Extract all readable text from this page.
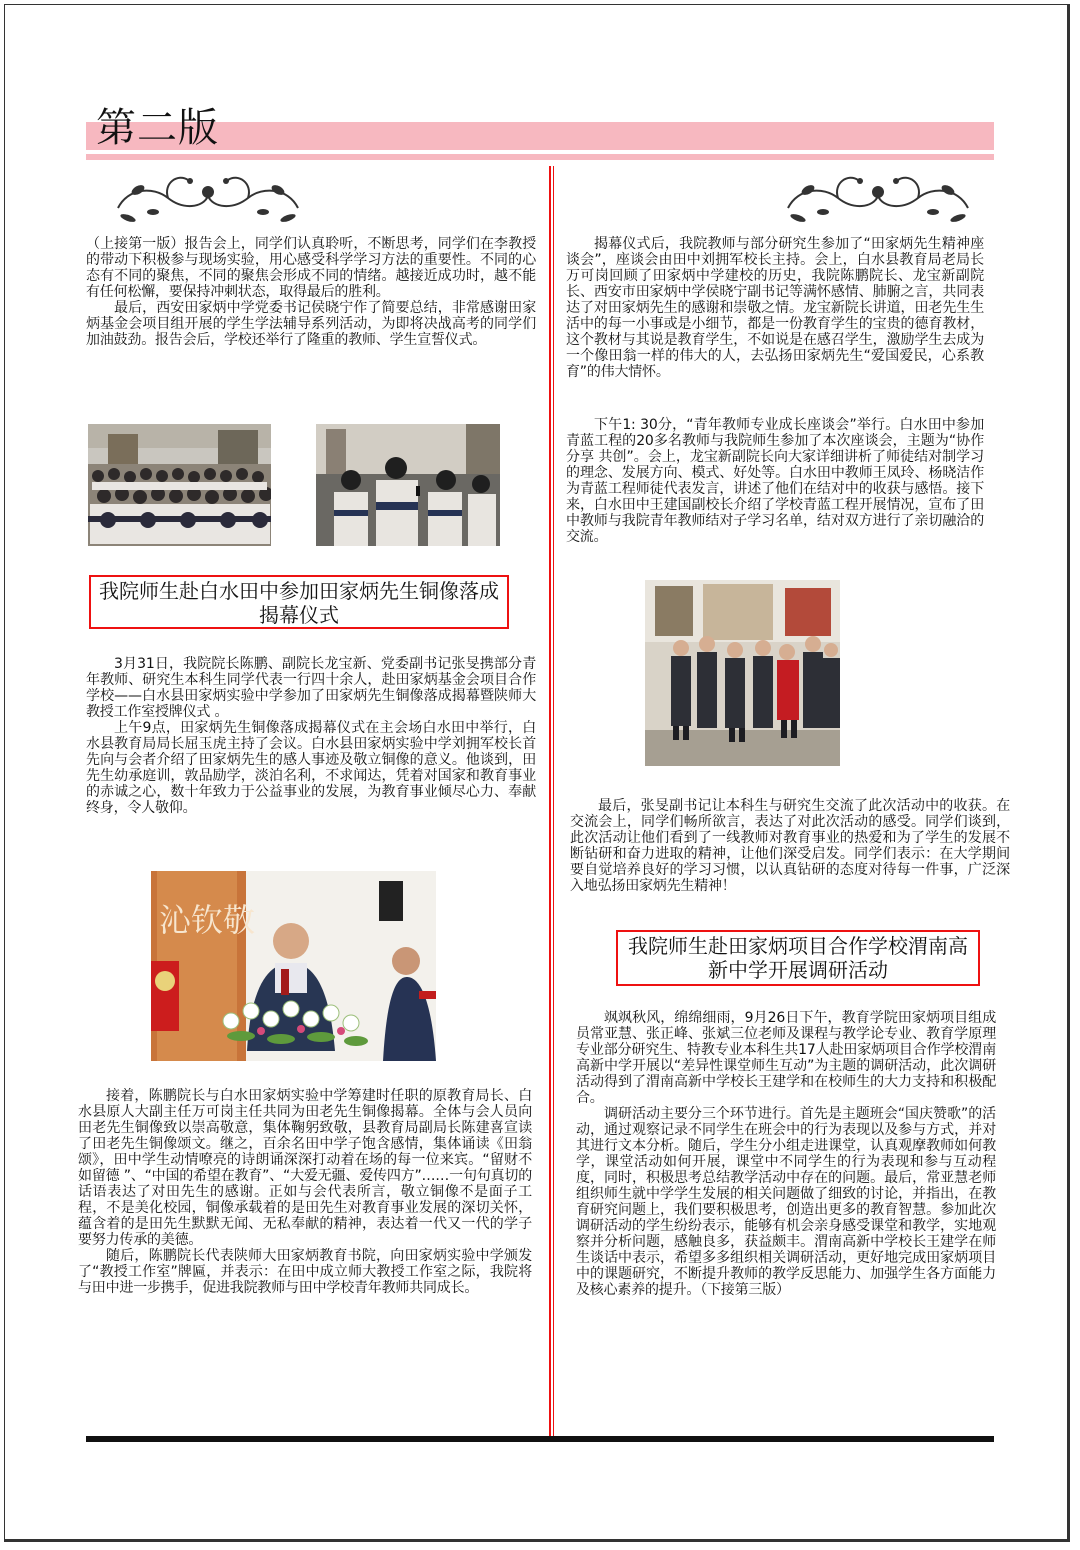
第二版

（上接第一版）报告会上，同学们认真聆听，不断思考，同学们在李教授的带动下积极参与现场实验，用心感受科学学习方法的重要性。不同的心态有不同的聚焦，不同的聚焦会形成不同的情绪。越接近成功时，越不能有任何松懈，要保持冲刺状态，取得最后的胜利。

最后，西安田家炳中学党委书记侯晓宁作了简要总结，非常感谢田家炳基金会项目组开展的学生学法辅导系列活动，为即将决战高考的同学们加油鼓劲。报告会后，学校还举行了隆重的教师、学生宣誓仪式。

我院师生赴白水田中参加田家炳先生铜像落成揭幕仪式

3月31日，我院院长陈鹏、副院长龙宝新、党委副书记张旻携部分青年教师、研究生本科生同学代表一行四十余人，赴田家炳基金会项目合作学校——白水县田家炳实验中学参加了田家炳先生铜像落成揭幕暨陕师大教授工作室授牌仪式 。

上午9点，田家炳先生铜像落成揭幕仪式在主会场白水田中举行，白水县教育局局长屈玉虎主持了会议。白水县田家炳实验中学刘拥军校长首先向与会者介绍了田家炳先生的感人事迹及敬立铜像的意义。他谈到，田先生幼承庭训，敦品励学，淡泊名利，不求闻达，凭着对国家和教育事业的赤诚之心，数十年致力于公益事业的发展，为教育事业倾尽心力、奉献终身，令人敬仰。

沁钦敬

接着，陈鹏院长与白水田家炳实验中学筹建时任职的原教育局长、白水县原人大副主任万可岗主任共同为田老先生铜像揭幕。全体与会人员向田老先生铜像致以崇高敬意，集体鞠躬致敬，县教育局副局长陈建喜宣读了田老先生铜像颂文。继之，百余名田中学子饱含感情，集体诵读《田翁颂》，田中学生动情嘹亮的诗朗诵深深打动着在场的每一位来宾。“留财不如留德 ”、“中国的希望在教育”、“大爱无疆、爱传四方”……一句句真切的话语表达了对田先生的感谢。正如与会代表所言，敬立铜像不是面子工程，不是美化校园，铜像承载着的是田先生对教育事业发展的深切关怀，蕴含着的是田先生默默无闻、无私奉献的精神，表达着一代又一代的学子要努力传承的美德。

随后，陈鹏院长代表陕师大田家炳教育书院，向田家炳实验中学颁发了“教授工作室”牌匾，并表示：在田中成立师大教授工作室之际，我院将与田中进一步携手，促进我院教师与田中学校青年教师共同成长。

揭幕仪式后，我院教师与部分研究生参加了“田家炳先生精神座谈会”，座谈会由田中刘拥军校长主持。会上，白水县教育局老局长万可岗回顾了田家炳中学建校的历史，我院陈鹏院长、龙宝新副院长、西安市田家炳中学侯晓宁副书记等满怀感情、肺腑之言，共同表达了对田家炳先生的感谢和崇敬之情。龙宝新院长讲道，田老先生生活中的每一小事或是小细节，都是一份教育学生的宝贵的德育教材，这个教材与其说是教育学生，不如说是在感召学生，激励学生去成为一个像田翁一样的伟大的人，去弘扬田家炳先生“爱国爱民，心系教育”的伟大情怀。

下午1: 30分，“青年教师专业成长座谈会”举行。白水田中参加青蓝工程的20多名教师与我院师生参加了本次座谈会，主题为“协作 分享 共创”。会上，龙宝新副院长向大家详细讲析了师徒结对制学习的理念、发展方向、模式、好处等。白水田中教师王凤玲、杨晓洁作为青蓝工程师徒代表发言，讲述了他们在结对中的收获与感悟。接下来，白水田中王建国副校长介绍了学校青蓝工程开展情况，宣布了田中教师与我院青年教师结对子学习名单，结对双方进行了亲切融洽的交流。

最后，张旻副书记让本科生与研究生交流了此次活动中的收获。在交流会上，同学们畅所欲言，表达了对此次活动的感受。同学们谈到，此次活动让他们看到了一线教师对教育事业的热爱和为了学生的发展不断钻研和奋力进取的精神，让他们深受启发。同学们表示：在大学期间要自觉培养良好的学习习惯，以认真钻研的态度对待每一件事，广泛深入地弘扬田家炳先生精神！

我院师生赴田家炳项目合作学校渭南高新中学开展调研活动

飒飒秋风，绵绵细雨，9月26日下午，教育学院田家炳项目组成员常亚慧、张正峰、张斌三位老师及课程与教学论专业、教育学原理专业部分研究生、特教专业本科生共17人赴田家炳项目合作学校渭南高新中学开展以“差异性课堂师生互动”为主题的调研活动，此次调研活动得到了渭南高新中学校长王建学和在校师生的大力支持和积极配合。

调研活动主要分三个环节进行。首先是主题班会“国庆赞歌”的活动，通过观察记录不同学生在班会中的行为表现以及参与方式，并对其进行文本分析。随后，学生分小组走进课堂，认真观摩教师如何教学，课堂活动如何开展，课堂中不同学生的行为表现和参与互动程度，同时，积极思考总结教学活动中存在的问题。最后，常亚慧老师组织师生就中学学生发展的相关问题做了细致的讨论，并指出，在教育研究问题上，我们要积极思考，创造出更多的教育智慧。参加此次调研活动的学生纷纷表示，能够有机会亲身感受课堂和教学，实地观察并分析问题，感触良多，获益颇丰。渭南高新中学校长王建学在师生谈话中表示，希望多多组织相关调研活动，更好地完成田家炳项目中的课题研究，不断提升教师的教学反思能力、加强学生各方面能力及核心素养的提升。（下接第三版）
